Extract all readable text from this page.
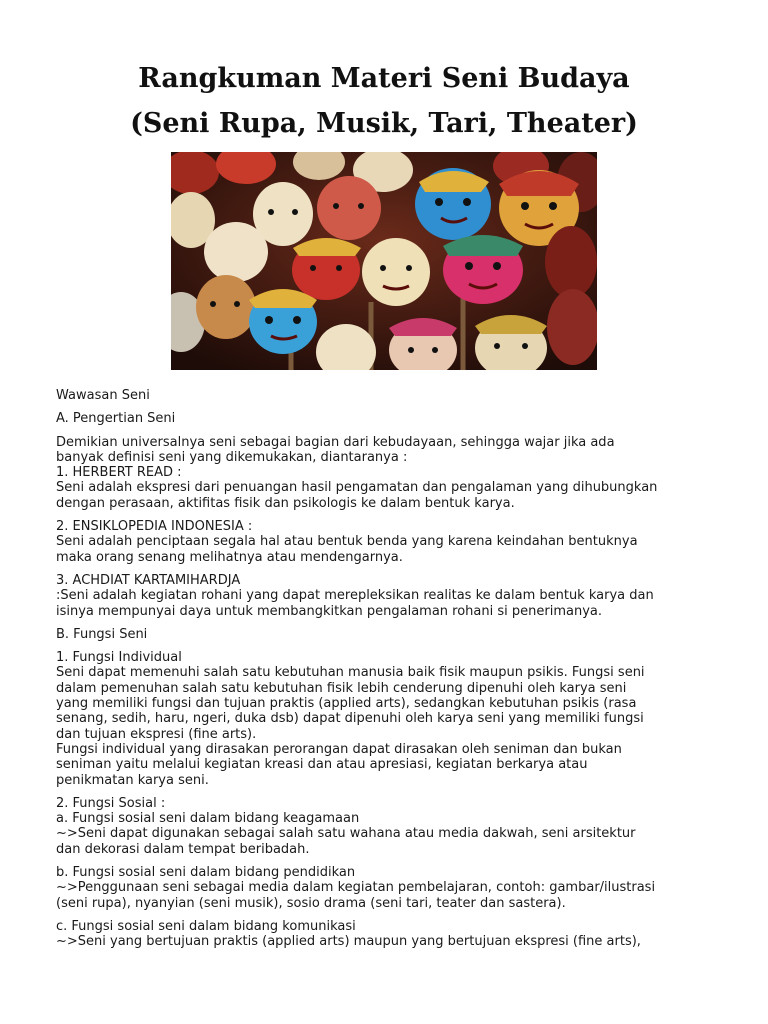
Rangkuman Materi Seni Budaya
(Seni Rupa, Musik, Tari, Theater)

Wawasan Seni

A. Pengertian Seni

Demikian universalnya seni sebagai bagian dari kebudayaan, sehingga wajar jika ada
banyak definisi seni yang dikemukakan, diantaranya :
1. HERBERT READ :
Seni adalah ekspresi dari penuangan hasil pengamatan dan pengalaman yang dihubungkan
dengan perasaan, aktifitas fisik dan psikologis ke dalam bentuk karya.

2. ENSIKLOPEDIA INDONESIA :
Seni adalah penciptaan segala hal atau bentuk benda yang karena keindahan bentuknya
maka orang senang melihatnya atau mendengarnya.

3. ACHDIAT KARTAMIHARDJA
:Seni adalah kegiatan rohani yang dapat merepleksikan realitas ke dalam bentuk karya dan
isinya mempunyai daya untuk membangkitkan pengalaman rohani si penerimanya.

B. Fungsi Seni

1. Fungsi Individual
Seni dapat memenuhi salah satu kebutuhan manusia baik fisik maupun psikis. Fungsi seni
dalam pemenuhan salah satu kebutuhan fisik lebih cenderung dipenuhi oleh karya seni
yang memiliki fungsi dan tujuan praktis (applied arts), sedangkan kebutuhan psikis (rasa
senang, sedih, haru, ngeri, duka dsb) dapat dipenuhi oleh karya seni yang memiliki fungsi
dan tujuan ekspresi (fine arts).
Fungsi individual yang dirasakan perorangan dapat dirasakan oleh seniman dan bukan
seniman yaitu melalui kegiatan kreasi dan atau apresiasi, kegiatan berkarya atau
penikmatan karya seni.

2. Fungsi Sosial :
a. Fungsi sosial seni dalam bidang keagamaan
~>Seni dapat digunakan sebagai salah satu wahana atau media dakwah, seni arsitektur
dan dekorasi dalam tempat beribadah.

b. Fungsi sosial seni dalam bidang pendidikan
~>Penggunaan seni sebagai media dalam kegiatan pembelajaran, contoh: gambar/ilustrasi
(seni rupa), nyanyian (seni musik), sosio drama (seni tari, teater dan sastera).

c. Fungsi sosial seni dalam bidang komunikasi
~>Seni yang bertujuan praktis (applied arts) maupun yang bertujuan ekspresi (fine arts),
